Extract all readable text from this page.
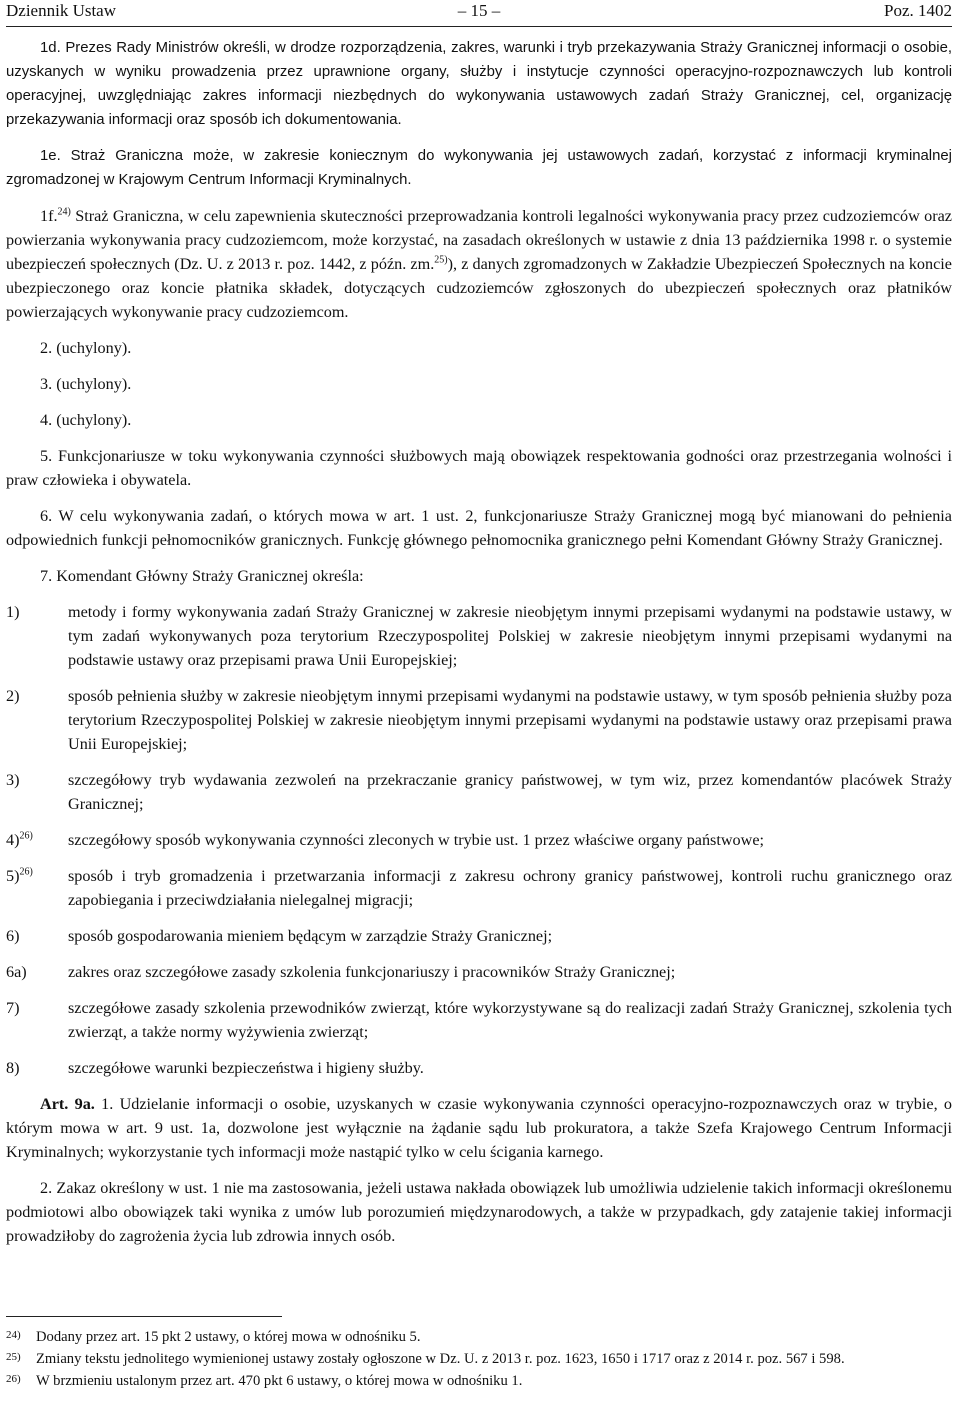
Dziennik Ustaw	– 15 –	Poz. 1402

1d. Prezes Rady Ministrów określi, w drodze rozporządzenia, zakres, warunki i tryb przekazywania Straży Granicznej informacji o osobie, uzyskanych w wyniku prowadzenia przez uprawnione organy, służby i instytucje czynności operacyjno-rozpoznawczych lub kontroli operacyjnej, uwzględniając zakres informacji niezbędnych do wykonywania ustawowych zadań Straży Granicznej, cel, organizację przekazywania informacji oraz sposób ich dokumentowania.

1e. Straż Graniczna może, w zakresie koniecznym do wykonywania jej ustawowych zadań, korzystać z informacji kryminalnej zgromadzonej w Krajowym Centrum Informacji Kryminalnych.

1f.$^{24)}$ Straż Graniczna, w celu zapewnienia skuteczności przeprowadzania kontroli legalności wykonywania pracy przez cudzoziemców oraz powierzania wykonywania pracy cudzoziemcom, może korzystać, na zasadach określonych w ustawie z dnia 13 października 1998 r. o systemie ubezpieczeń społecznych (Dz. U. z 2013 r. poz. 1442, z późn. zm.$^{25)}$), z danych zgromadzonych w Zakładzie Ubezpieczeń Społecznych na koncie ubezpieczonego oraz koncie płatnika składek, dotyczących cudzoziemców zgłoszonych do ubezpieczeń społecznych oraz płatników powierzających wykonywanie pracy cudzoziemcom.

2. (uchylony).

3. (uchylony).

4. (uchylony).

5. Funkcjonariusze w toku wykonywania czynności służbowych mają obowiązek respektowania godności oraz przestrzegania wolności i praw człowieka i obywatela.

6. W celu wykonywania zadań, o których mowa w art. 1 ust. 2, funkcjonariusze Straży Granicznej mogą być mianowani do pełnienia odpowiednich funkcji pełnomocników granicznych. Funkcję głównego pełnomocnika granicznego pełni Komendant Główny Straży Granicznej.

7. Komendant Główny Straży Granicznej określa:

1)	metody i formy wykonywania zadań Straży Granicznej w zakresie nieobjętym innymi przepisami wydanymi na podstawie ustawy, w tym zadań wykonywanych poza terytorium Rzeczypospolitej Polskiej w zakresie nieobjętym innymi przepisami wydanymi na podstawie ustawy oraz przepisami prawa Unii Europejskiej;
2)	sposób pełnienia służby w zakresie nieobjętym innymi przepisami wydanymi na podstawie ustawy, w tym sposób pełnienia służby poza terytorium Rzeczypospolitej Polskiej w zakresie nieobjętym innymi przepisami wydanymi na podstawie ustawy oraz przepisami prawa Unii Europejskiej;
3)	szczegółowy tryb wydawania zezwoleń na przekraczanie granicy państwowej, w tym wiz, przez komendantów placówek Straży Granicznej;
4)$^{26)}$ szczegółowy sposób wykonywania czynności zleconych w trybie ust. 1 przez właściwe organy państwowe;
5)$^{26)}$ sposób i tryb gromadzenia i przetwarzania informacji z zakresu ochrony granicy państwowej, kontroli ruchu granicznego oraz zapobiegania i przeciwdziałania nielegalnej migracji;
6)	sposób gospodarowania mieniem będącym w zarządzie Straży Granicznej;
6a)	zakres oraz szczegółowe zasady szkolenia funkcjonariuszy i pracowników Straży Granicznej;
7)	szczegółowe zasady szkolenia przewodników zwierząt, które wykorzystywane są do realizacji zadań Straży Granicznej, szkolenia tych zwierząt, a także normy wyżywienia zwierząt;
8)	szczegółowe warunki bezpieczeństwa i higieny służby.

Art. 9a. 1. Udzielanie informacji o osobie, uzyskanych w czasie wykonywania czynności operacyjno-rozpoznawczych oraz w trybie, o którym mowa w art. 9 ust. 1a, dozwolone jest wyłącznie na żądanie sądu lub prokuratora, a także Szefa Krajowego Centrum Informacji Kryminalnych; wykorzystanie tych informacji może nastąpić tylko w celu ścigania karnego.

2. Zakaz określony w ust. 1 nie ma zastosowania, jeżeli ustawa nakłada obowiązek lub umożliwia udzielenie takich informacji określonemu podmiotowi albo obowiązek taki wynika z umów lub porozumień międzynarodowych, a także w przypadkach, gdy zatajenie takiej informacji prowadziłoby do zagrożenia życia lub zdrowia innych osób.

24) Dodany przez art. 15 pkt 2 ustawy, o której mowa w odnośniku 5.
25) Zmiany tekstu jednolitego wymienionej ustawy zostały ogłoszone w Dz. U. z 2013 r. poz. 1623, 1650 i 1717 oraz z 2014 r. poz. 567 i 598.
26) W brzmieniu ustalonym przez art. 470 pkt 6 ustawy, o której mowa w odnośniku 1.
